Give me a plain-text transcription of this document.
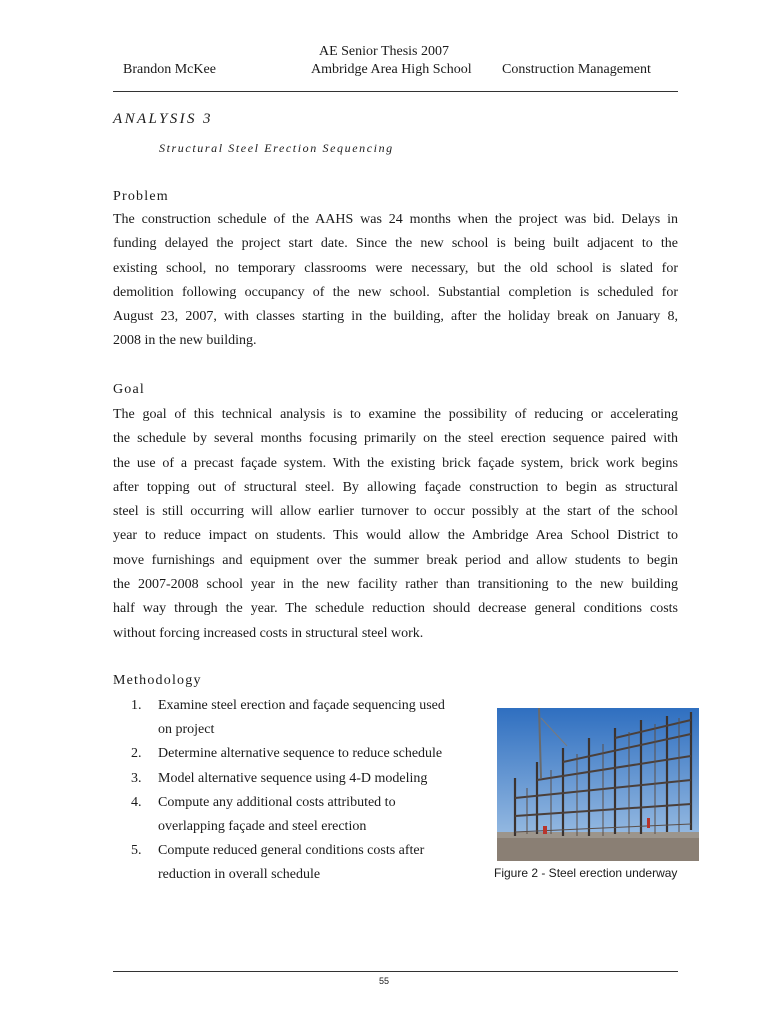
AE Senior Thesis 2007
Brandon McKee	Ambridge Area High School Construction Management
ANALYSIS 3
Structural Steel Erection Sequencing
Problem
The construction schedule of the AAHS was 24 months when the project was bid. Delays in
funding delayed the project start date. Since the new school is being built adjacent to the
existing school, no temporary classrooms were necessary, but the old school is slated for
demolition following occupancy of the new school. Substantial completion is scheduled for
August 23, 2007, with classes starting in the building, after the holiday break on January 8,
2008 in the new building.
Goal
The goal of this technical analysis is to examine the possibility of reducing or accelerating
the schedule by several months focusing primarily on the steel erection sequence paired with
the use of a precast façade system. With the existing brick façade system, brick work begins
after topping out of structural steel. By allowing façade construction to begin as structural
steel is still occurring will allow earlier turnover to occur possibly at the start of the school
year to reduce impact on students. This would allow the Ambridge Area School District to
move furnishings and equipment over the summer break period and allow students to begin
the 2007-2008 school year in the new facility rather than transitioning to the new building
half way through the year. The schedule reduction should decrease general conditions costs
without forcing increased costs in structural steel work.
Methodology
1. Examine steel erection and façade sequencing used
on project
2. Determine alternative sequence to reduce schedule
3. Model alternative sequence using 4-D modeling
4. Compute any additional costs attributed to
overlapping façade and steel erection
5. Compute reduced general conditions costs after
reduction in overall schedule	Figure 2 - Steel erection underway
55
